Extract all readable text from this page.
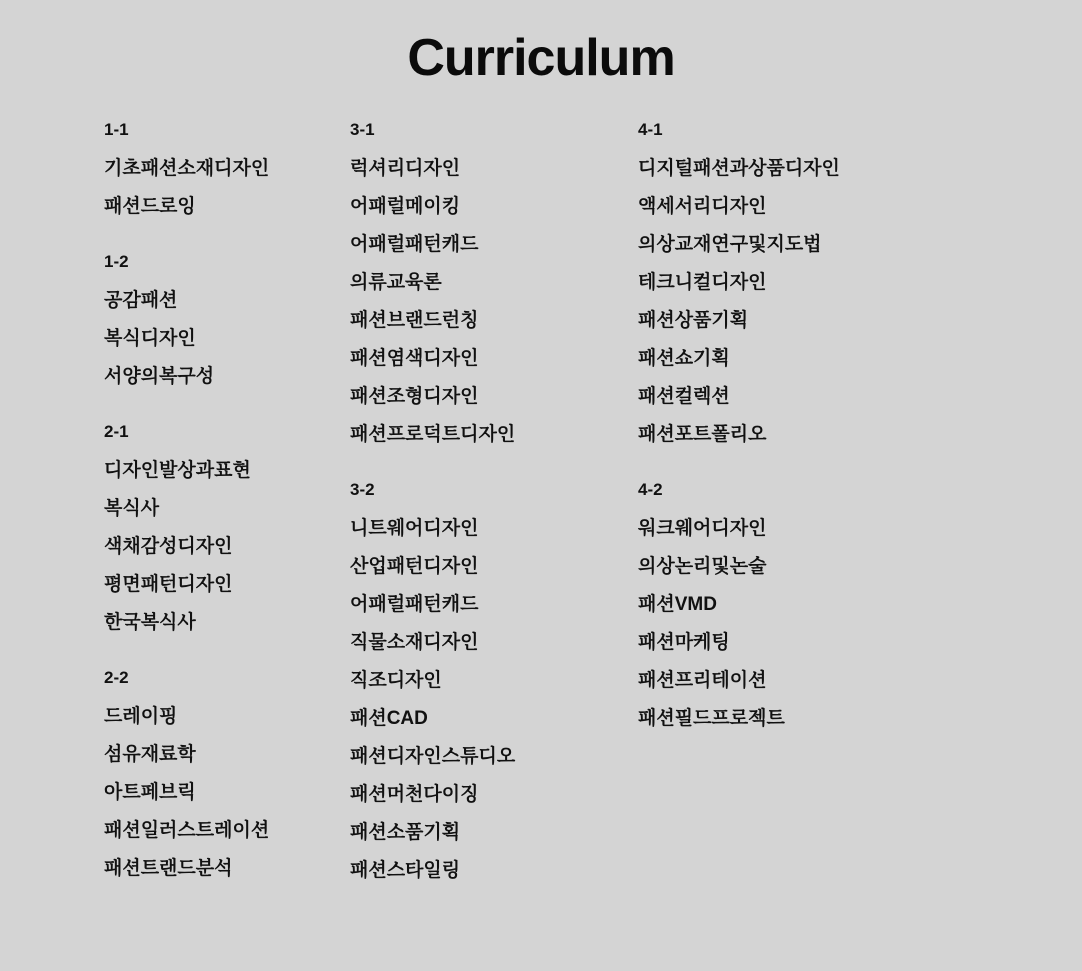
Curriculum
1-1
기초패션소재디자인
패션드로잉
1-2
공감패션
복식디자인
서양의복구성
2-1
디자인발상과표현
복식사
색채감성디자인
평면패턴디자인
한국복식사
2-2
드레이핑
섬유재료학
아트페브릭
패션일러스트레이션
패션트랜드분석
3-1
럭셔리디자인
어패럴메이킹
어패럴패턴캐드
의류교육론
패션브랜드런칭
패션염색디자인
패션조형디자인
패션프로덕트디자인
3-2
니트웨어디자인
산업패턴디자인
어패럴패턴캐드
직물소재디자인
직조디자인
패션CAD
패션디자인스튜디오
패션머천다이징
패션소품기획
패션스타일링
4-1
디지털패션과상품디자인
액세서리디자인
의상교재연구및지도법
테크니컬디자인
패션상품기획
패션쇼기획
패션컬렉션
패션포트폴리오
4-2
워크웨어디자인
의상논리및논술
패션VMD
패션마케팅
패션프리테이션
패션필드프로젝트
